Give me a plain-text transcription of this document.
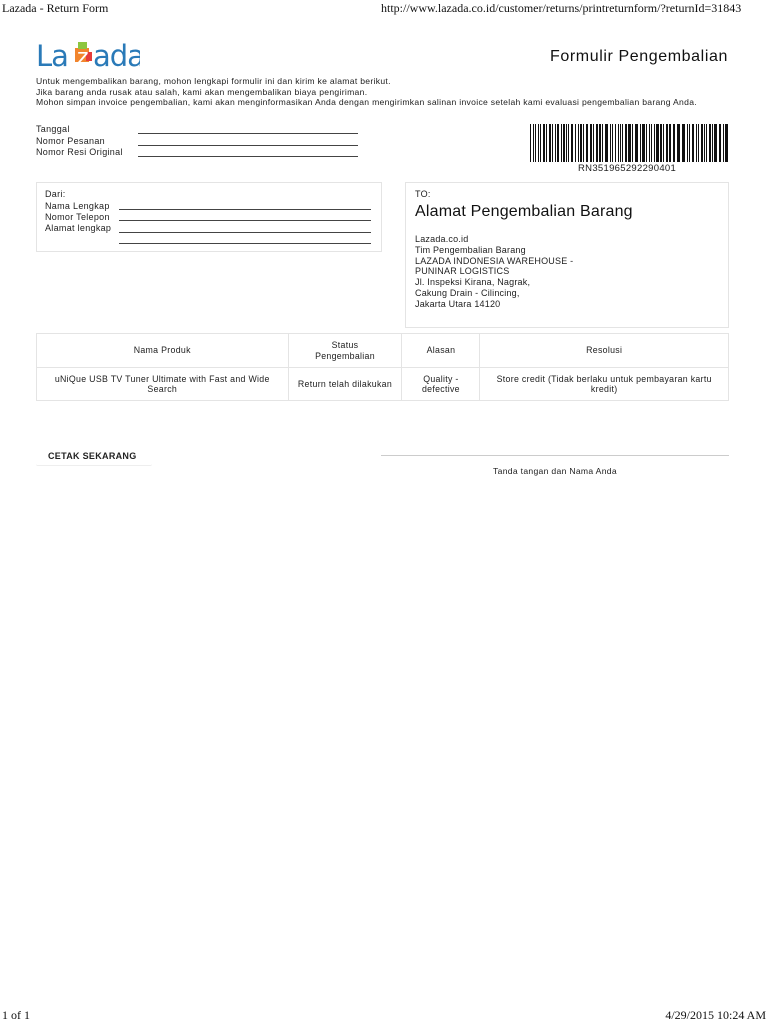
Lazada - Return Form	http://www.lazada.co.id/customer/returns/printreturnform/?returnId=31843
La z ada	Formulir Pengembalian
Untuk mengembalikan barang, mohon lengkapi formulir ini dan kirim ke alamat berikut.
Jika barang anda rusak atau salah, kami akan mengembalikan biaya pengiriman.
Mohon simpan invoice pengembalian, kami akan menginformasikan Anda dengan mengirimkan salinan invoice setelah kami evaluasi pengembalian barang Anda.
Tanggal
Nomor Pesanan
Nomor Resi Original
RN351965292290401
Dari:
Nama Lengkap
Nomor Telepon
Alamat lengkap
TO:
Alamat Pengembalian Barang
Lazada.co.id
Tim Pengembalian Barang
LAZADA INDONESIA WAREHOUSE -
PUNINAR LOGISTICS
Jl. Inspeksi Kirana, Nagrak,
Cakung Drain - Cilincing,
Jakarta Utara 14120
Nama Produk	Status Pengembalian	Alasan	Resolusi
uNiQue USB TV Tuner Ultimate with Fast and Wide Search	Return telah dilakukan	Quality - defective	Store credit (Tidak berlaku untuk pembayaran kartu kredit)
CETAK SEKARANG
Tanda tangan dan Nama Anda
1 of 1	4/29/2015 10:24 AM
